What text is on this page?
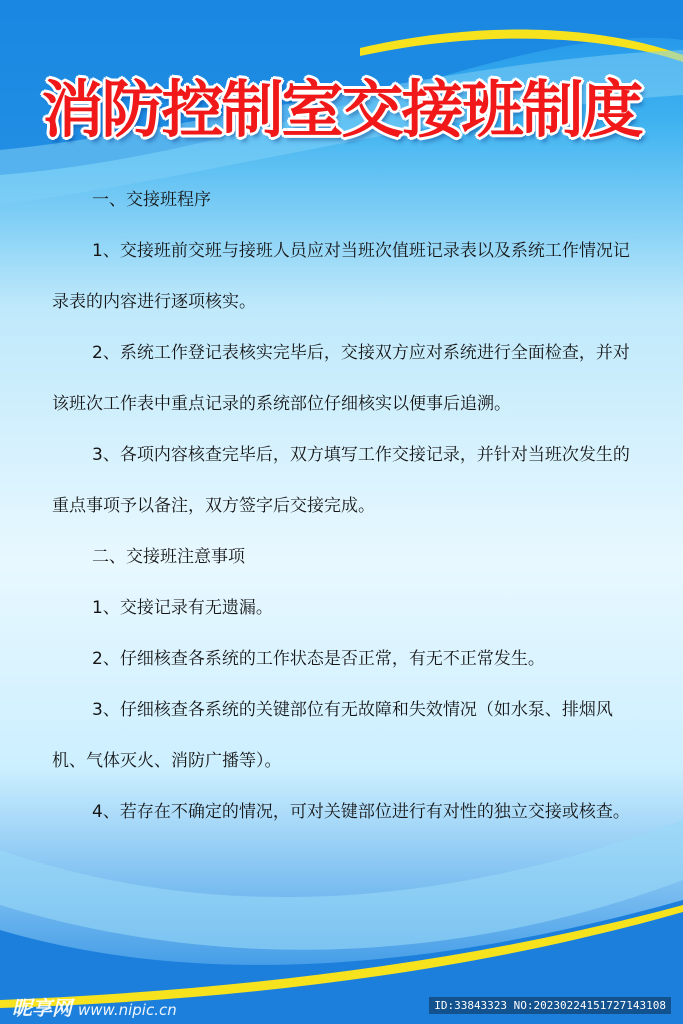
消防控制室交接班制度

一、交接班程序

1、交接班前交班与接班人员应对当班次值班记录表以及系统工作情况记录表的内容进行逐项核实。

2、系统工作登记表核实完毕后，交接双方应对系统进行全面检查，并对该班次工作表中重点记录的系统部位仔细核实以便事后追溯。

3、各项内容核查完毕后，双方填写工作交接记录，并针对当班次发生的重点事项予以备注，双方签字后交接完成。

二、交接班注意事项

1、交接记录有无遗漏。

2、仔细核查各系统的工作状态是否正常，有无不正常发生。

3、仔细核查各系统的关键部位有无故障和失效情况（如水泵、排烟风机、气体灭火、消防广播等）。

4、若存在不确定的情况，可对关键部位进行有对性的独立交接或核查。

昵享网 www.nipic.cn	ID:33843323 NO:20230224151727143108
